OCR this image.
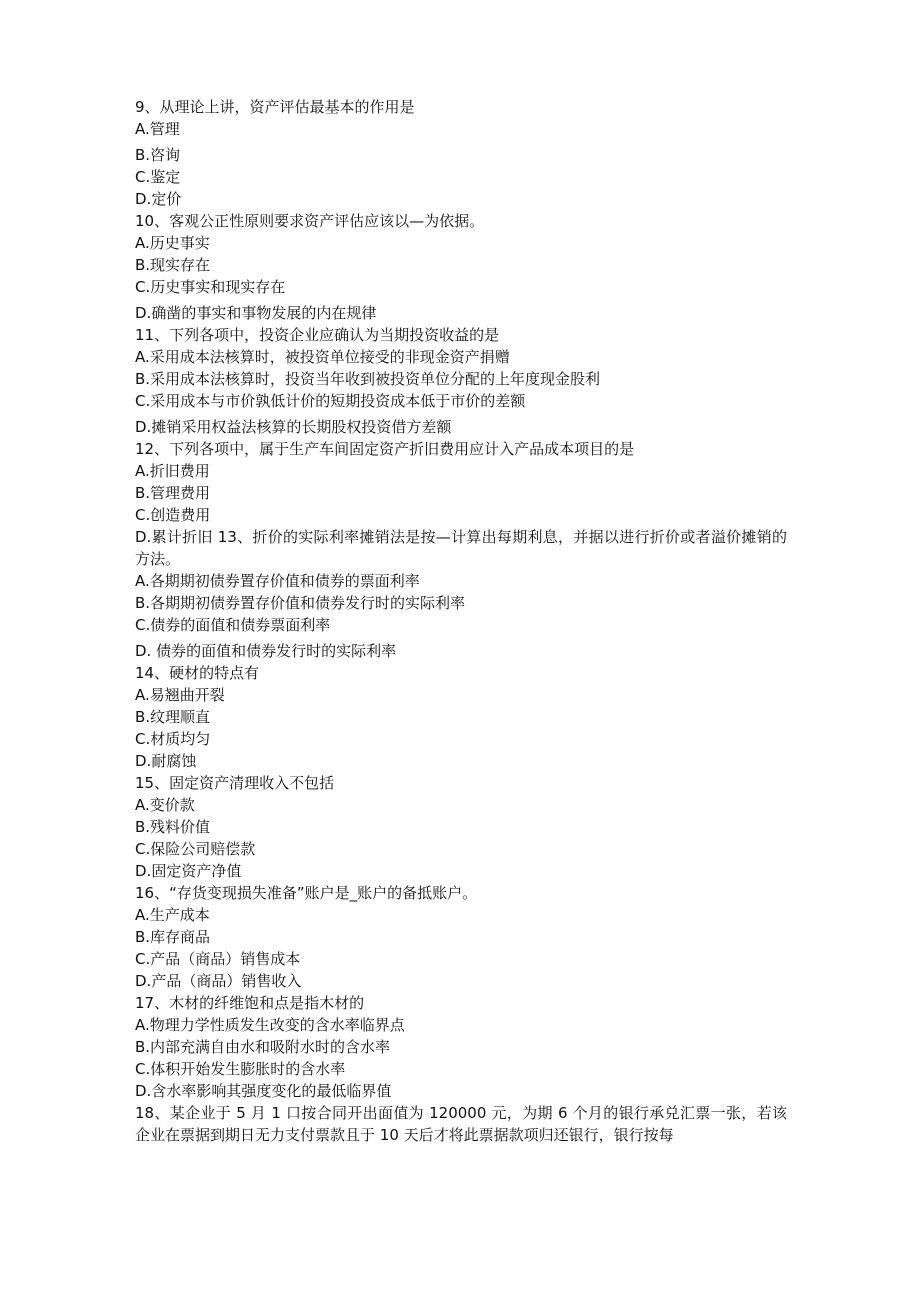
9、从理论上讲，资产评估最基本的作用是
A.管理
B.咨询
C.鉴定
D.定价
10、客观公正性原则要求资产评估应该以—为依据。
A.历史事实
B.现实存在
C.历史事实和现实存在
D.确凿的事实和事物发展的内在规律
11、下列各项中，投资企业应确认为当期投资收益的是
A.采用成本法核算时，被投资单位接受的非现金资产捐赠
B.采用成本法核算时，投资当年收到被投资单位分配的上年度现金股利
C.采用成本与市价孰低计价的短期投资成本低于市价的差额
D.摊销采用权益法核算的长期股权投资借方差额
12、下列各项中，属于生产车间固定资产折旧费用应计入产品成本项目的是
A.折旧费用
B.管理费用
C.创造费用
D.累计折旧 13、折价的实际利率摊销法是按—计算出每期利息，并据以进行折价或者溢价摊销的方法。
A.各期期初债券置存价值和债券的票面利率
B.各期期初债券置存价值和债券发行时的实际利率
C.债券的面值和债券票面利率
D. 债券的面值和债券发行时的实际利率
14、硬材的特点有
A.易翘曲开裂
B.纹理顺直
C.材质均匀
D.耐腐蚀
15、固定资产清理收入不包括
A.变价款
B.残料价值
C.保险公司赔偿款
D.固定资产净值
16、“存货变现损失准备”账户是_账户的备抵账户。
A.生产成本
B.库存商品
C.产品（商品）销售成本
D.产品（商品）销售收入
17、木材的纤维饱和点是指木材的
A.物理力学性质发生改变的含水率临界点
B.内部充满自由水和吸附水时的含水率
C.体积开始发生膨胀时的含水率
D.含水率影响其强度变化的最低临界值
18、某企业于 5 月 1 口按合同开出面值为 120000 元，为期 6 个月的银行承兑汇票一张，若该企业在票据到期日无力支付票款且于 10 天后才将此票据款项归还银行，银行按每
